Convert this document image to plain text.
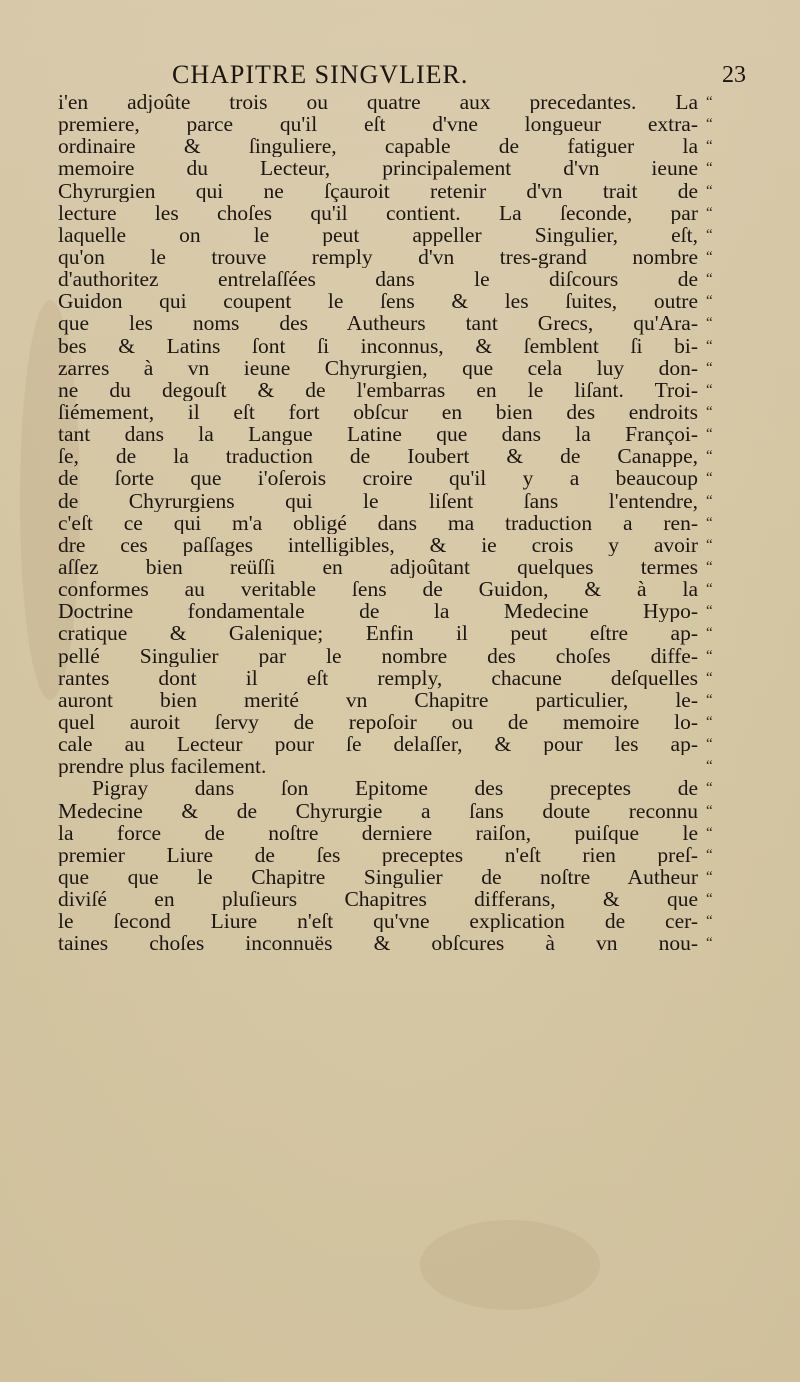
CHAPITRE SINGVLIER.	23
i'en adjoûte trois ou quatre aux precedantes. La
premiere, parce qu'il eſt d'vne longueur extra-
ordinaire & ſinguliere, capable de fatiguer la
memoire du Lecteur, principalement d'vn ieune
Chyrurgien qui ne ſçauroit retenir d'vn trait de
lecture les choſes qu'il contient. La ſeconde, par
laquelle on le peut appeller Singulier, eſt,
qu'on le trouve remply d'vn tres-grand nombre
d'authoritez entrelaſſées dans le diſcours de
Guidon qui coupent le ſens & les ſuites, outre
que les noms des Autheurs tant Grecs, qu'Ara-
bes & Latins ſont ſi inconnus, & ſemblent ſi bi-
zarres à vn ieune Chyrurgien, que cela luy don-
ne du degouſt & de l'embarras en le liſant. Troi-
ſiémement, il eſt fort obſcur en bien des endroits
tant dans la Langue Latine que dans la Françoi-
ſe, de la traduction de Ioubert & de Canappe,
de ſorte que i'oſerois croire qu'il y a beaucoup
de Chyrurgiens qui le liſent ſans l'entendre,
c'eſt ce qui m'a obligé dans ma traduction a ren-
dre ces paſſages intelligibles, & ie crois y avoir
aſſez bien reüſſi en adjoûtant quelques termes
conformes au veritable ſens de Guidon, & à la
Doctrine fondamentale de la Medecine Hypo-
cratique & Galenique; Enfin il peut eſtre ap-
pellé Singulier par le nombre des choſes diffe-
rantes dont il eſt remply, chacune deſquelles
auront bien merité vn Chapitre particulier, le-
quel auroit ſervy de repoſoir ou de memoire lo-
cale au Lecteur pour ſe delaſſer, & pour les ap-
prendre plus facilement.
Pigray dans ſon Epitome des preceptes de
Medecine & de Chyrurgie a ſans doute reconnu
la force de noſtre derniere raiſon, puiſque le
premier Liure de ſes preceptes n'eſt rien preſ-
que que le Chapitre Singulier de noſtre Autheur
diviſé en pluſieurs Chapitres differans, & que
le ſecond Liure n'eſt qu'vne explication de cer-
taines choſes inconnuës & obſcures à vn nou-
“
“
“
“
“
“
“
“
“
“
“
“
“
“
“
“
“
“
“
“
“
“
“
“
“
“
“
“
“
“
“
“
“
“
“
“
“
“
“
